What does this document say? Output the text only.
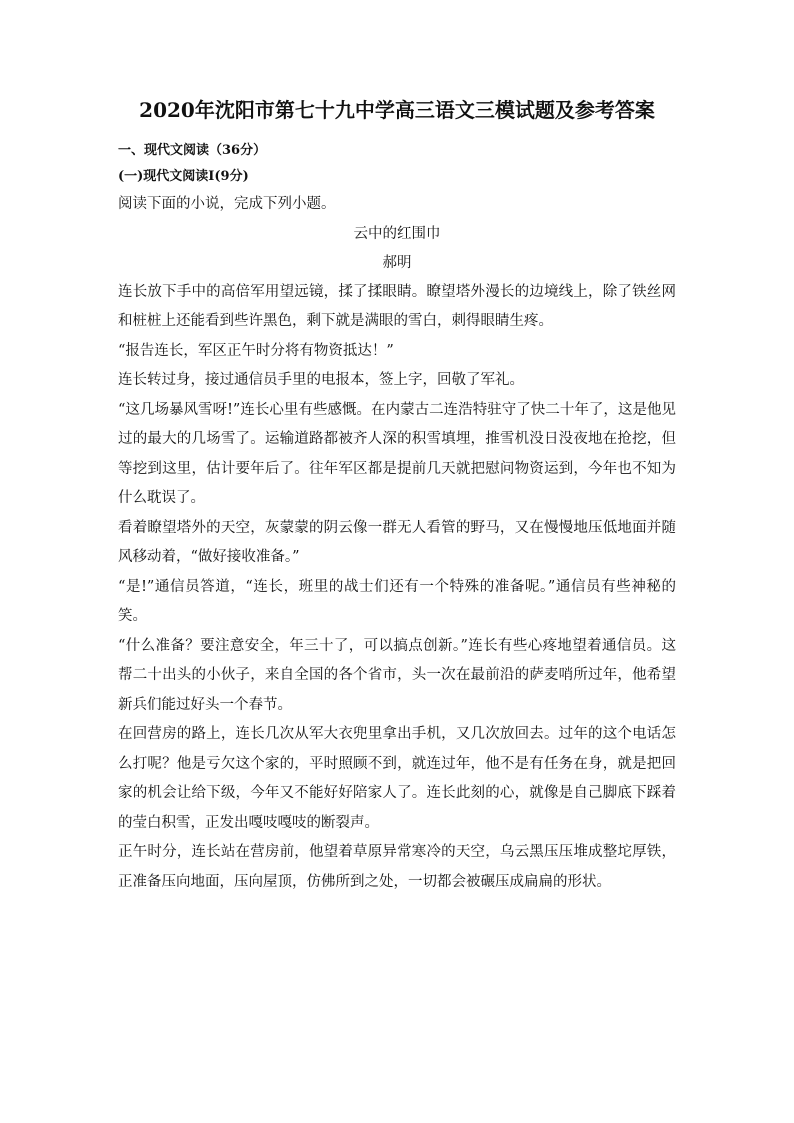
2020年沈阳市第七十九中学高三语文三模试题及参考答案
一、现代文阅读（36分）
(一)现代文阅读Ⅰ(9分)

阅读下面的小说，完成下列小题。

云中的红围巾
郝明

连长放下手中的高倍军用望远镜，揉了揉眼睛。瞭望塔外漫长的边境线上，除了铁丝网和桩桩上还能看到些许黑色，剩下就是满眼的雪白，刺得眼睛生疼。

“报告连长，军区正午时分将有物资抵达！”

连长转过身，接过通信员手里的电报本，签上字，回敬了军礼。

“这几场暴风雪呀!”连长心里有些感慨。在内蒙古二连浩特驻守了快二十年了，这是他见过的最大的几场雪了。运输道路都被齐人深的积雪填埋，推雪机没日没夜地在抢挖，但等挖到这里，估计要年后了。往年军区都是提前几天就把慰问物资运到，今年也不知为什么耽误了。

看着瞭望塔外的天空，灰蒙蒙的阴云像一群无人看管的野马，又在慢慢地压低地面并随风移动着，“做好接收准备。”

“是!”通信员答道，“连长，班里的战士们还有一个特殊的准备呢。”通信员有些神秘的笑。

“什么准备？要注意安全，年三十了，可以搞点创新。”连长有些心疼地望着通信员。这帮二十出头的小伙子，来自全国的各个省市，头一次在最前沿的萨麦哨所过年，他希望新兵们能过好头一个春节。

在回营房的路上，连长几次从军大衣兜里拿出手机，又几次放回去。过年的这个电话怎么打呢？他是亏欠这个家的，平时照顾不到，就连过年，他不是有任务在身，就是把回家的机会让给下级，今年又不能好好陪家人了。连长此刻的心，就像是自己脚底下踩着的莹白积雪，正发出嘎吱嘎吱的断裂声。

正午时分，连长站在营房前，他望着草原异常寒冷的天空，乌云黑压压堆成整坨厚铁，正准备压向地面，压向屋顶，仿佛所到之处，一切都会被碾压成扁扁的形状。
